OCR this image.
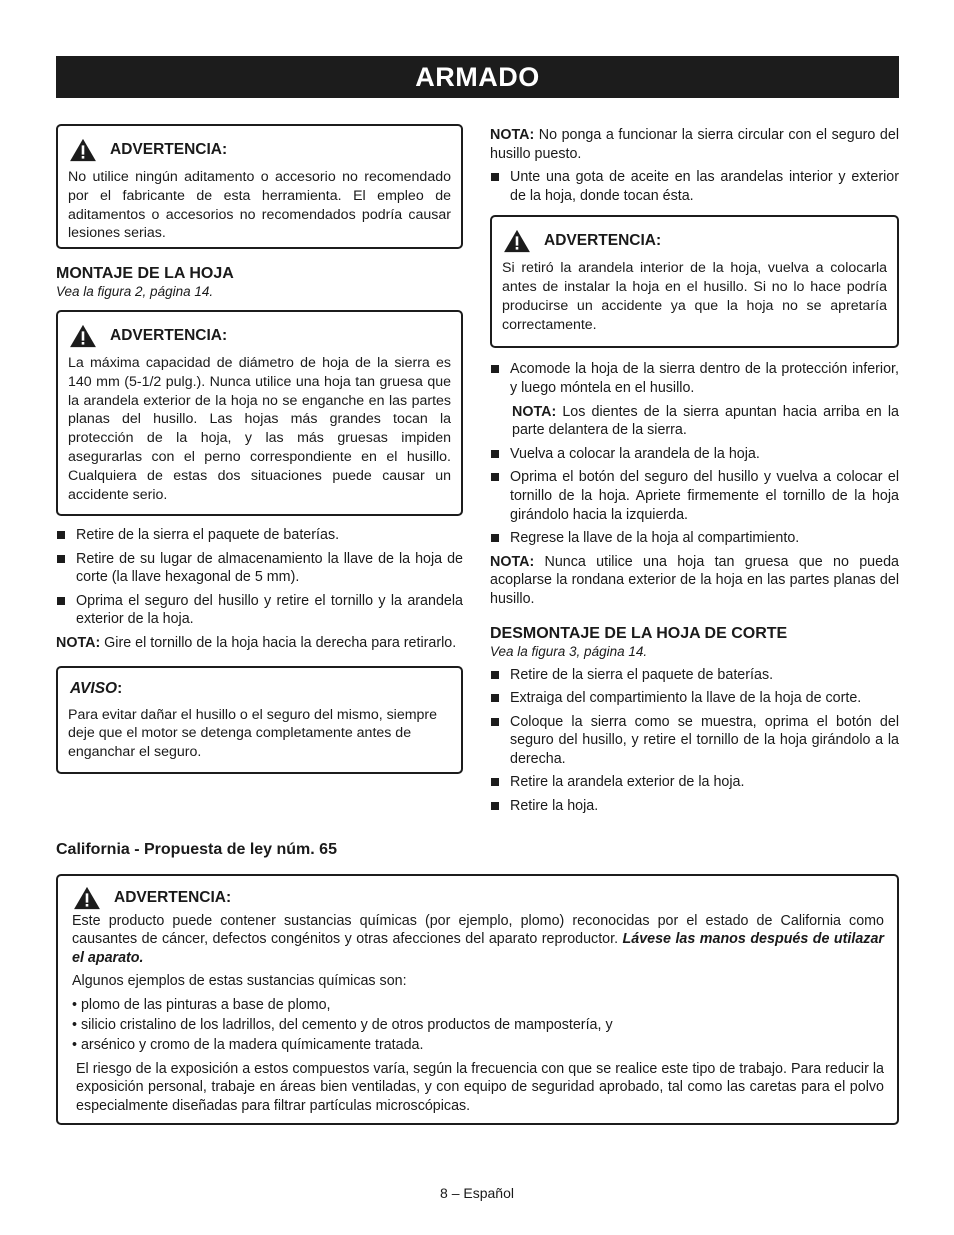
ARMADO
ADVERTENCIA:
No utilice ningún aditamento o accesorio no recomendado por el fabricante de esta herramienta. El empleo de aditamentos o accesorios no recomendados podría causar lesiones serias.
MONTAJE DE LA HOJA
Vea la figura 2, página 14.
ADVERTENCIA:
La máxima capacidad de diámetro de hoja de la sierra es 140 mm (5-1/2 pulg.). Nunca utilice una hoja tan gruesa que la arandela exterior de la hoja no se enganche en las partes planas del husillo. Las hojas más grandes tocan la protección de la hoja, y las más gruesas impiden asegurarlas con el perno correspondiente en el husillo. Cualquiera de estas dos situaciones puede causar un accidente serio.
Retire de la sierra el paquete de baterías.
Retire de su lugar de almacenamiento la llave de la hoja de corte (la llave hexagonal de 5 mm).
Oprima el seguro del husillo y retire el tornillo y la arandela exterior de la hoja.
NOTA: Gire el tornillo de la hoja hacia la derecha para retirarlo.
AVISO:
Para evitar dañar el husillo o el seguro del mismo, siempre deje que el motor se detenga completamente antes de enganchar el seguro.
NOTA: No ponga a funcionar la sierra circular con el seguro del husillo puesto.
Unte una gota de aceite en las arandelas interior y exterior de la hoja, donde tocan ésta.
ADVERTENCIA:
Si retiró la arandela interior de la hoja, vuelva a colocarla antes de instalar la hoja en el husillo. Si no lo hace podría producirse un accidente ya que la hoja no se apretaría correctamente.
Acomode la hoja de la sierra dentro de la protección inferior, y luego móntela en el husillo.
NOTA: Los dientes de la sierra apuntan hacia arriba en la parte delantera de la sierra.
Vuelva a colocar la arandela de la hoja.
Oprima el botón del seguro del husillo y vuelva a colocar el tornillo de la hoja. Apriete firmemente el tornillo de la hoja girándolo hacia la izquierda.
Regrese la llave de la hoja al compartimiento.
NOTA: Nunca utilice una hoja tan gruesa que no pueda acoplarse la rondana exterior de la hoja en las partes planas del husillo.
DESMONTAJE DE LA HOJA DE CORTE
Vea la figura 3, página 14.
Retire de la sierra el paquete de baterías.
Extraiga del compartimiento la llave de la hoja de corte.
Coloque la sierra como se muestra, oprima el botón del seguro del husillo, y retire el tornillo de la hoja girándolo a la derecha.
Retire la arandela exterior de la hoja.
Retire la hoja.
California - Propuesta de ley núm. 65
ADVERTENCIA:

Este producto puede contener sustancias químicas (por ejemplo, plomo) reconocidas por el estado de California como causantes de cáncer, defectos congénitos y otras afecciones del aparato reproductor. Lávese las manos después de utilazar el aparato.

Algunos ejemplos de estas sustancias químicas son:

• plomo de las pinturas a base de plomo,
• silicio cristalino de los ladrillos, del cemento y de otros productos de mampostería, y
• arsénico y cromo de la madera químicamente tratada.

El riesgo de la exposición a estos compuestos varía, según la frecuencia con que se realice este tipo de trabajo. Para reducir la exposición personal, trabaje en áreas bien ventiladas, y con equipo de seguridad aprobado, tal como las caretas para el polvo especialmente diseñadas para filtrar partículas microscópicas.

8 – Español
